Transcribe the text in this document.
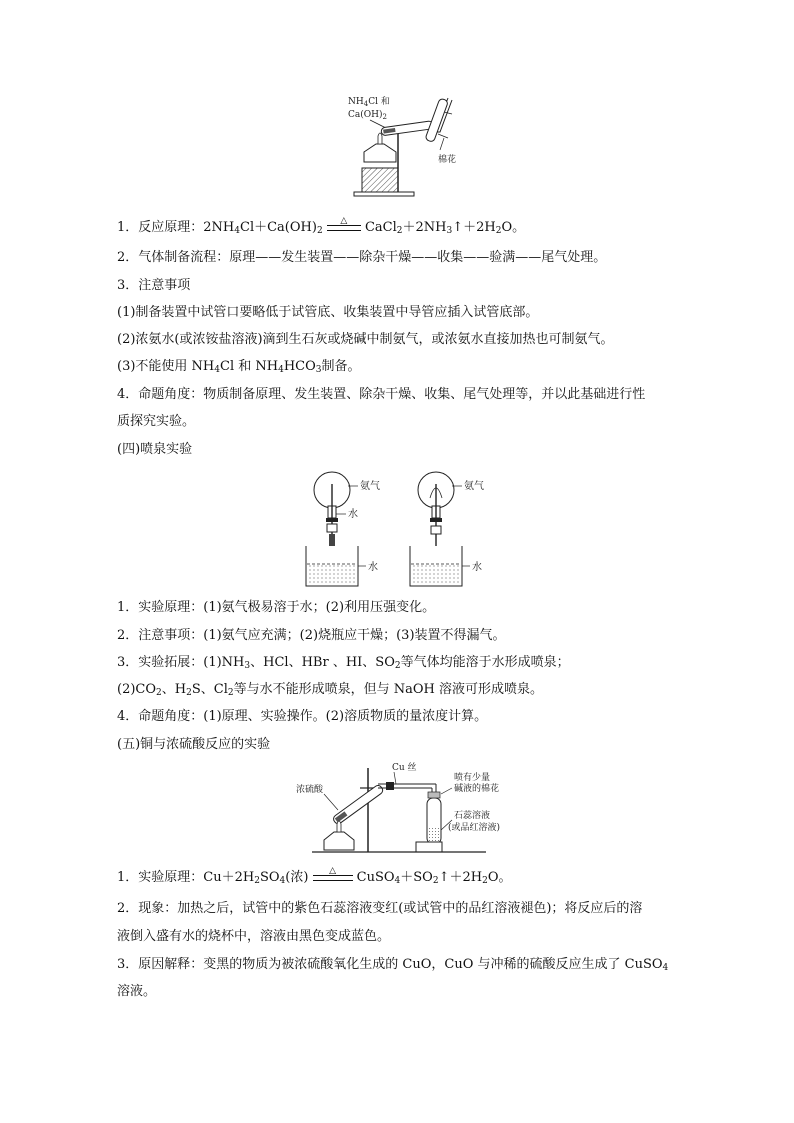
$NH_4Cl$ 和
$Ca(OH)_2$
棉花
1．反应原理：$2NH_4Cl+Ca(OH)_2$
△	$CaCl_2+2NH_3↑+2H_2O$。
2．气体制备流程：原理——发生装置——除杂干燥——收集——验满——尾气处理。
3．注意事项
(1)制备装置中试管口要略低于试管底、收集装置中导管应插入试管底部。
(2)浓氨水(或浓铵盐溶液)滴到生石灰或烧碱中制氨气，或浓氨水直接加热也可制氨气。
(3)不能使用 $NH_4Cl$ 和 $NH_4HCO_3$制备。
4．命题角度：物质制备原理、发生装置、除杂干燥、收集、尾气处理等，并以此基础进行性
质探究实验。
(四)喷泉实验
氨气
水
水
氨气
水
1．实验原理：(1)氨气极易溶于水；(2)利用压强变化。
2．注意事项：(1)氨气应充满；(2)烧瓶应干燥；(3)装置不得漏气。
3．实验拓展：$(1)NH_3$、HCl、HBr 、HI、$SO_2$等气体均能溶于水形成喷泉；
$(2)CO_2$、$H_2S$、$Cl_2$等与水不能形成喷泉，但与 NaOH 溶液可形成喷泉。
4．命题角度：(1)原理、实验操作。(2)溶质物质的量浓度计算。
(五)铜与浓硫酸反应的实验
浓硫酸
Cu 丝
喷有少量
碱液的棉花
石蕊溶液
(或品红溶液)
1．实验原理：$Cu+2H_2SO_4$(浓)	△	$CuSO_4+SO_2↑+2H_2O$。
2．现象：加热之后，试管中的紫色石蕊溶液变红(或试管中的品红溶液褪色)；将反应后的溶
液倒入盛有水的烧杯中，溶液由黑色变成蓝色。
3．原因解释：变黑的物质为被浓硫酸氧化生成的 CuO，CuO 与冲稀的硫酸反应生成了 CuSO$_4$
溶液。
